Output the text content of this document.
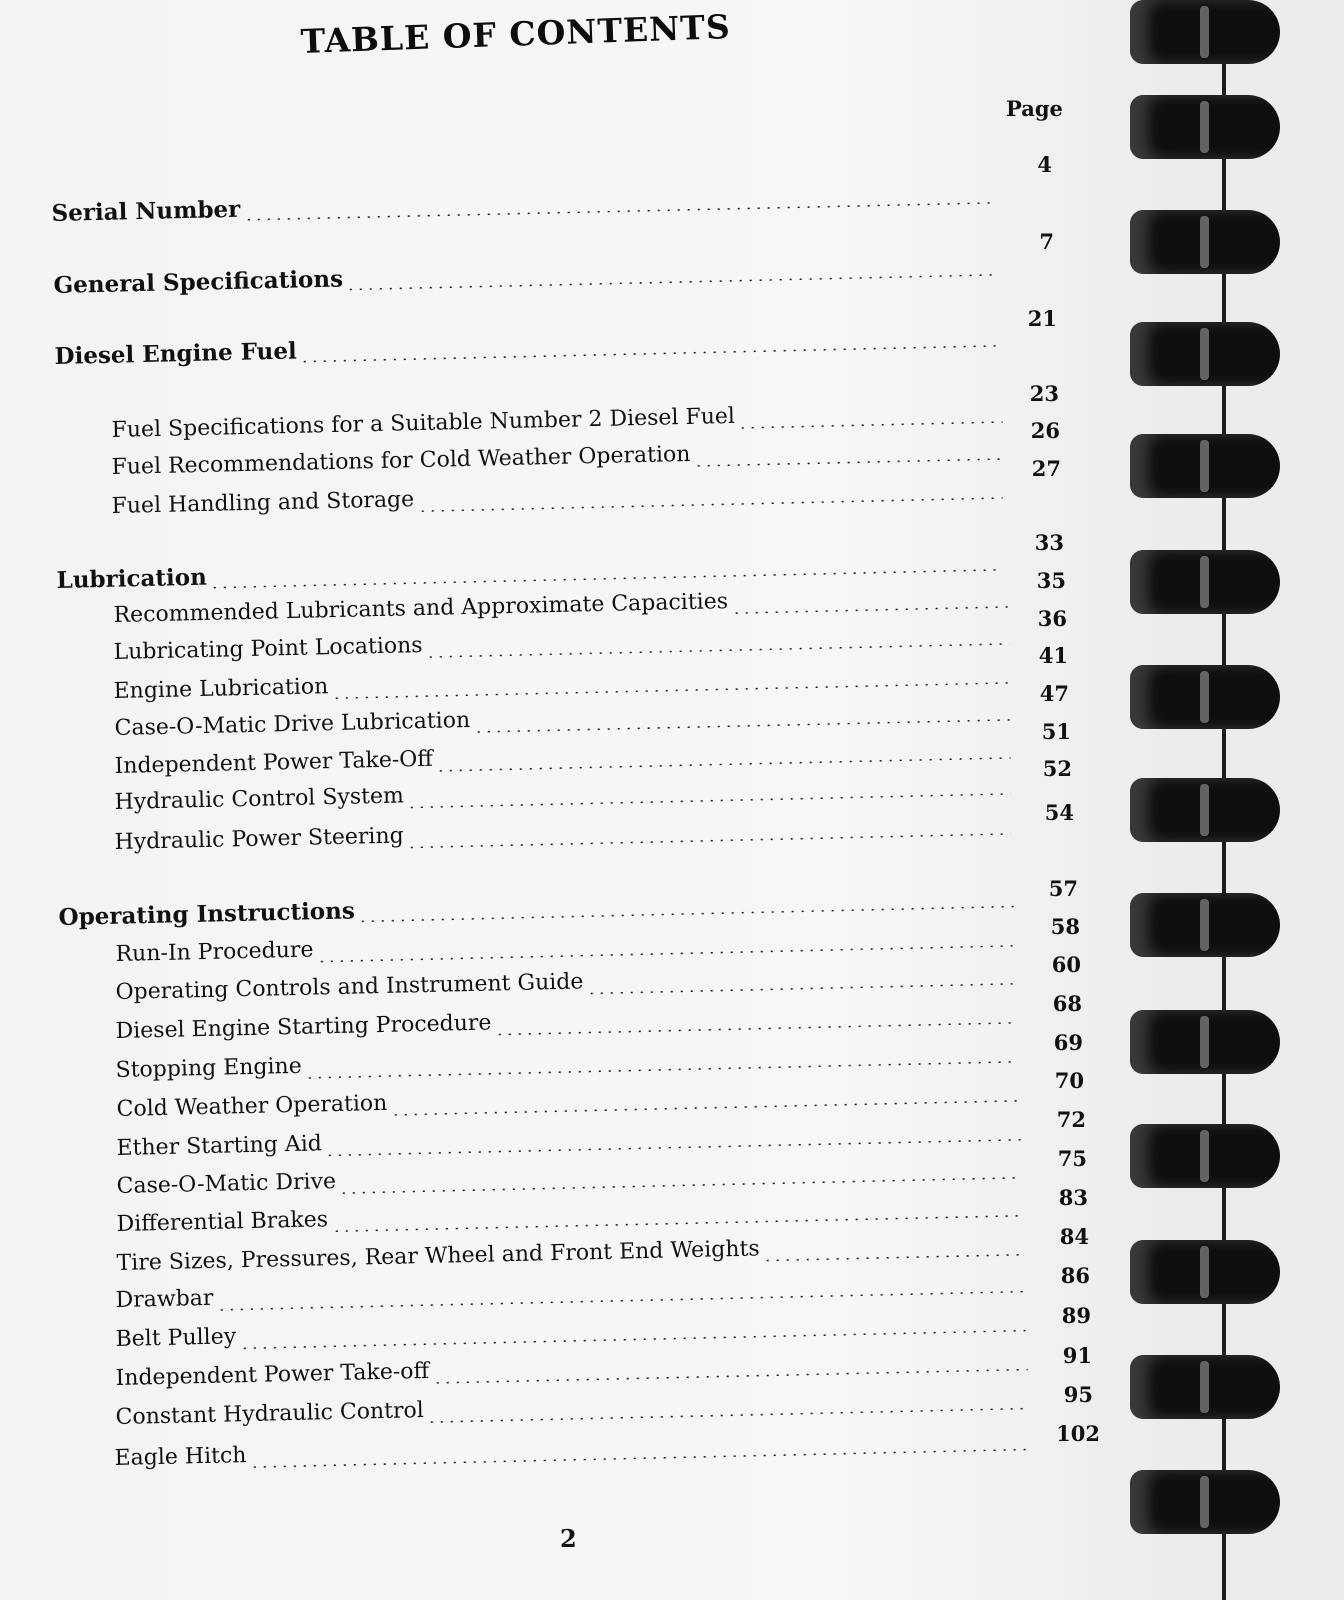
TABLE OF CONTENTS
Page
Serial Number
General Specifications
Diesel Engine Fuel
Fuel Specifications for a Suitable Number 2 Diesel Fuel
Fuel Recommendations for Cold Weather Operation
Fuel Handling and Storage
Lubrication
Recommended Lubricants and Approximate Capacities
Lubricating Point Locations
Engine Lubrication
Case-O-Matic Drive Lubrication
Independent Power Take-Off
Hydraulic Control System
Hydraulic Power Steering
Operating Instructions
Run-In Procedure
Operating Controls and Instrument Guide
Diesel Engine Starting Procedure
Stopping Engine
Cold Weather Operation
Ether Starting Aid
Case-O-Matic Drive
Differential Brakes
Tire Sizes, Pressures, Rear Wheel and Front End Weights
Drawbar
Belt Pulley
Independent Power Take-off
Constant Hydraulic Control
Eagle Hitch
4
7
21
23
26
27
33
35
36
41
47
51
52
54
57
58
60
68
69
70
72
75
83
84
86
89
91
95
102
2
